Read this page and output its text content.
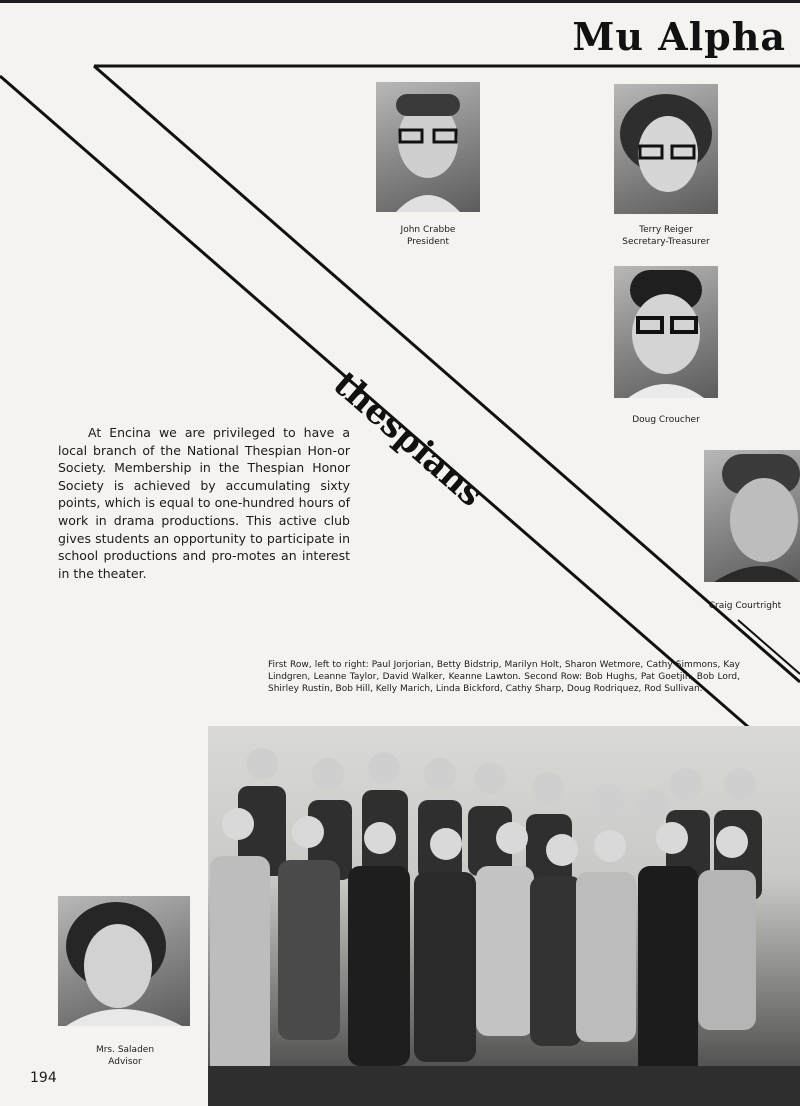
Mu Alpha
thespians
John Crabbe
President
Terry Reiger
Secretary-Treasurer
Doug Croucher
Craig Courtright
At Encina we are privileged to have a local branch of the National Thespian Hon-or Society. Membership in the Thespian Honor Society is achieved by accumulating sixty points, which is equal to one-hundred hours of work in drama productions. This active club gives students an opportunity to participate in school productions and pro-motes an interest in the theater.
First Row, left to right: Paul Jorjorian, Betty Bidstrip, Marilyn Holt, Sharon Wetmore, Cathy Simmons, Kay Lindgren, Leanne Taylor, David Walker, Keanne Lawton. Second Row: Bob Hughs, Pat Goetjin, Bob Lord, Shirley Rustin, Bob Hill, Kelly Marich, Linda Bickford, Cathy Sharp, Doug Rodriquez, Rod Sullivan.
Mrs. Saladen
Advisor
194
